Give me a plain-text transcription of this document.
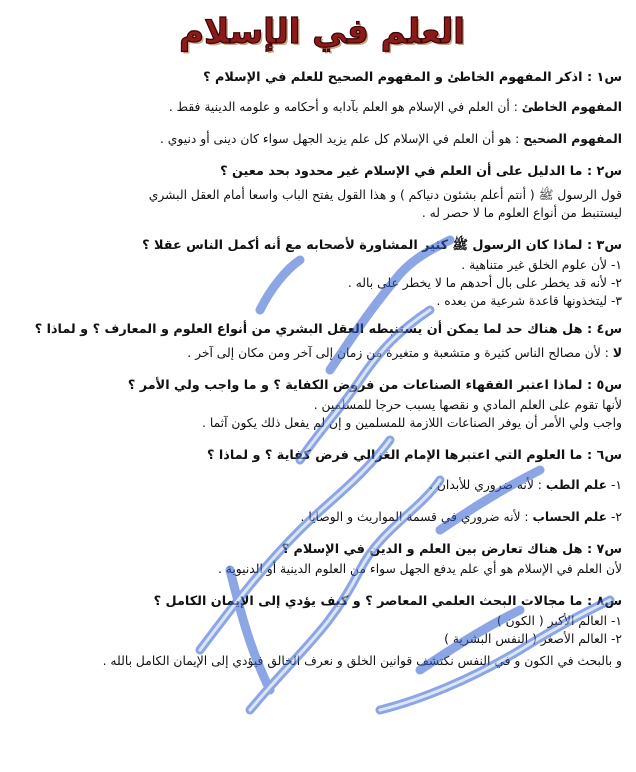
العلم في الإسلام
س١ : اذكر المفهوم الخاطئ و المفهوم الصحيح للعلم في الإسلام ؟
المفهوم الخاطئ : أن العلم في الإسلام هو العلم بآدابه و أحكامه و علومه الدينية فقط .
المفهوم الصحيح : هو أن العلم في الإسلام كل علم يزيد الجهل سواء كان دينى أو دنيوي .
س٢ : ما الدليل على أن العلم في الإسلام غير محدود بحد معين ؟
قول الرسول ﷺ ( أنتم أعلم بشئون دنياكم ) و هذا القول يفتح الباب واسعا أمام العقل البشري
ليستنبط من أنواع العلوم ما لا حصر له .
س٣ : لماذا كان الرسول ﷺ كثير المشاورة لأصحابه مع أنه أكمل الناس عقلا ؟
١- لأن علوم الخلق غير متناهية .
٢- لأنه قد يخطر على بال أحدهم ما لا يخطر على باله .
٣- ليتخذونها قاعدة شرعية من بعده .
س٤ : هل هناك حد لما يمكن أن يستنبطه العقل البشري من أنواع العلوم و المعارف ؟ و لماذا ؟
لا : لأن مصالح الناس كثيرة و متشعبة و متغيرة من زمان إلى آخر ومن مكان إلى آخر .
س٥ : لماذا اعتبر الفقهاء الصناعات من فروض الكفاية ؟ و ما واجب ولي الأمر ؟
لأنها تقوم على العلم المادي و نقصها يسبب حرجا للمسلمين .
واجب ولي الأمر أن يوفر الصناعات اللازمة للمسلمين و إن لم يفعل ذلك يكون آثما .
س٦ : ما العلوم التي اعتبرها الإمام الغزالي فرض كفاية ؟ و لماذا ؟
١- علم الطب : لأنه ضروري للأبدان .
٢- علم الحساب : لأنه ضروري في قسمة المواريث و الوصايا .
س٧ : هل هناك تعارض بين العلم و الدين في الإسلام ؟
لأن العلم في الإسلام هو أي علم يدفع الجهل سواء من العلوم الدينية أو الدنيوية .
س٨ : ما مجالات البحث العلمي المعاصر ؟ و كيف يؤدي إلى الإيمان الكامل ؟
١- العالم الأكبر ( الكون )
٢- العالم الأصغر ( النفس البشرية )
و بالبحث في الكون و في النفس نكتشف قوانين الخلق و نعرف الخالق فيؤدي إلى الإيمان الكامل بالله .
